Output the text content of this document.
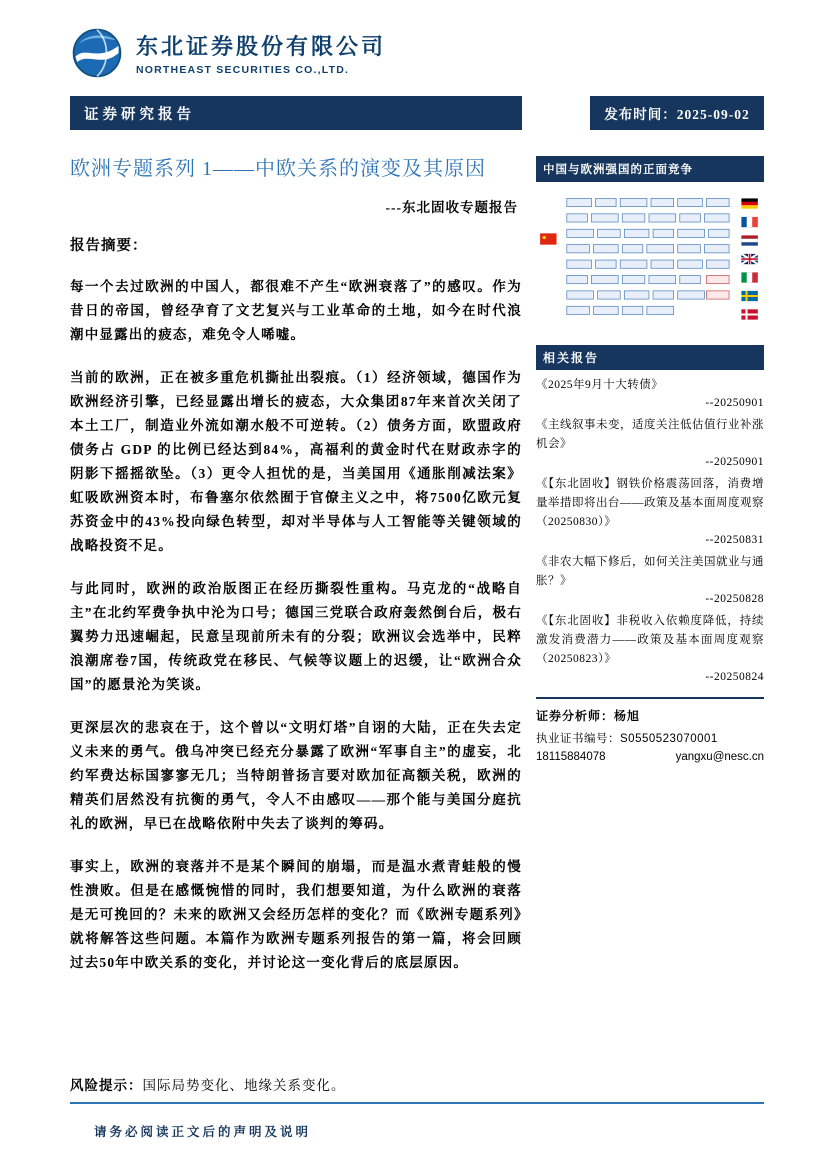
东北证券股份有限公司
NORTHEAST SECURITIES CO.,LTD.
证券研究报告	发布时间：2025-09-02
欧洲专题系列 1——中欧关系的演变及其原因
---东北固收专题报告
报告摘要：

每一个去过欧洲的中国人，都很难不产生“欧洲衰落了”的感叹。作为昔日的帝国，曾经孕育了文艺复兴与工业革命的土地，如今在时代浪潮中显露出的疲态，难免令人唏嘘。

当前的欧洲，正在被多重危机撕扯出裂痕。（1）经济领域，德国作为欧洲经济引擎，已经显露出增长的疲态，大众集团87年来首次关闭了本土工厂，制造业外流如潮水般不可逆转。（2）债务方面，欧盟政府债务占 GDP 的比例已经达到84%，高福利的黄金时代在财政赤字的阴影下摇摇欲坠。（3）更令人担忧的是，当美国用《通胀削减法案》虹吸欧洲资本时，布鲁塞尔依然囿于官僚主义之中，将7500亿欧元复苏资金中的43%投向绿色转型，却对半导体与人工智能等关键领域的战略投资不足。

与此同时，欧洲的政治版图正在经历撕裂性重构。马克龙的“战略自主”在北约军费争执中沦为口号；德国三党联合政府轰然倒台后，极右翼势力迅速崛起，民意呈现前所未有的分裂；欧洲议会选举中，民粹浪潮席卷7国，传统政党在移民、气候等议题上的迟缓，让“欧洲合众国”的愿景沦为笑谈。

更深层次的悲哀在于，这个曾以“文明灯塔”自诩的大陆，正在失去定义未来的勇气。俄乌冲突已经充分暴露了欧洲“军事自主”的虚妄，北约军费达标国寥寥无几；当特朗普扬言要对欧加征高额关税，欧洲的精英们居然没有抗衡的勇气，令人不由感叹——那个能与美国分庭抗礼的欧洲，早已在战略依附中失去了谈判的筹码。

事实上，欧洲的衰落并不是某个瞬间的崩塌，而是温水煮青蛙般的慢性溃败。但是在感慨惋惜的同时，我们想要知道，为什么欧洲的衰落是无可挽回的？未来的欧洲又会经历怎样的变化？而《欧洲专题系列》就将解答这些问题。本篇作为欧洲专题系列报告的第一篇，将会回顾过去50年中欧关系的变化，并讨论这一变化背后的底层原因。

中国与欧洲强国的正面竞争
相关报告
《2025年9月十大转债》
--20250901
《主线叙事未变，适度关注低估值行业补涨机会》
--20250901
《【东北固收】钢铁价格震荡回落，消费增量举措即将出台——政策及基本面周度观察（20250830）》
--20250831
《非农大幅下修后，如何关注美国就业与通胀？》
--20250828
《【东北固收】非税收入依赖度降低，持续激发消费潜力——政策及基本面周度观察（20250823）》
--20250824
证券分析师：杨旭
执业证书编号：S0550523070001
18115884078	yangxu@nesc.cn
风险提示：国际局势变化、地缘关系变化。
请务必阅读正文后的声明及说明
